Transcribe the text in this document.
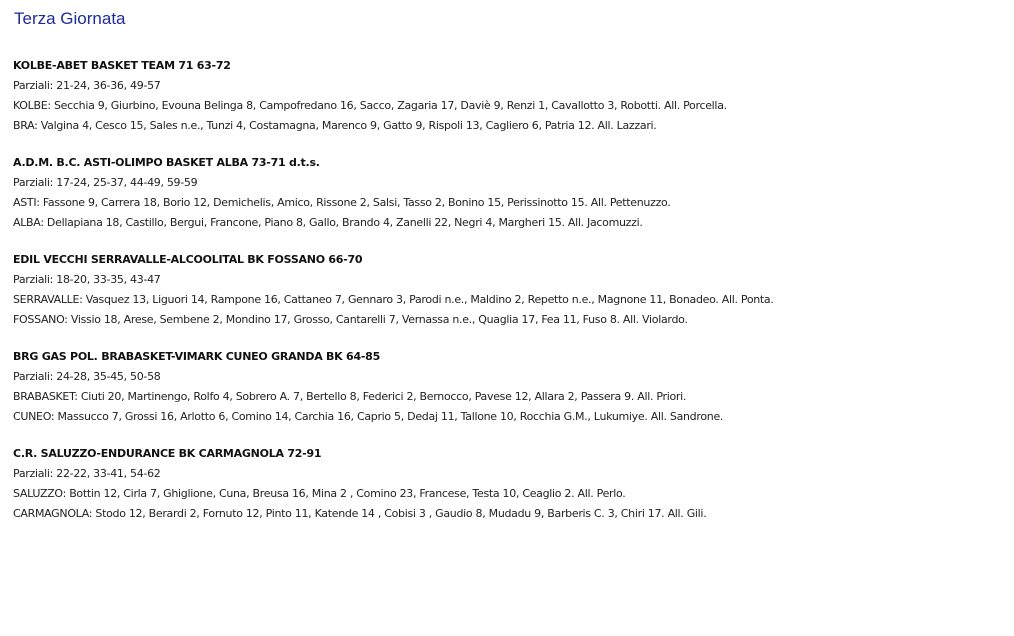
Terza Giornata
KOLBE-ABET BASKET TEAM 71 63-72
Parziali: 21-24, 36-36, 49-57
KOLBE: Secchia 9, Giurbino, Evouna Belinga 8, Campofredano 16, Sacco, Zagaria 17, Daviè 9, Renzi 1, Cavallotto 3, Robotti. All. Porcella.
BRA: Valgina 4, Cesco 15, Sales n.e., Tunzi 4, Costamagna, Marenco 9, Gatto 9, Rispoli 13, Cagliero 6, Patria 12. All. Lazzari.
A.D.M. B.C. ASTI-OLIMPO BASKET ALBA 73-71 d.t.s.
Parziali: 17-24, 25-37, 44-49, 59-59
ASTI: Fassone 9, Carrera 18, Borio 12, Demichelis, Amico, Rissone 2, Salsi, Tasso 2, Bonino 15, Perissinotto 15. All. Pettenuzzo.
ALBA: Dellapiana 18, Castillo, Bergui, Francone, Piano 8, Gallo, Brando 4, Zanelli 22, Negri 4, Margheri 15. All. Jacomuzzi.
EDIL VECCHI SERRAVALLE-ALCOOLITAL BK FOSSANO 66-70
Parziali: 18-20, 33-35, 43-47
SERRAVALLE: Vasquez 13, Liguori 14, Rampone 16, Cattaneo 7, Gennaro 3, Parodi n.e., Maldino 2, Repetto n.e., Magnone 11, Bonadeo. All. Ponta.
FOSSANO: Vissio 18, Arese, Sembene 2, Mondino 17, Grosso, Cantarelli 7, Vernassa n.e., Quaglia 17, Fea 11, Fuso 8. All. Violardo.
BRG GAS POL. BRABASKET-VIMARK CUNEO GRANDA BK 64-85
Parziali: 24-28, 35-45, 50-58
BRABASKET: Ciuti 20, Martinengo, Rolfo 4, Sobrero A. 7, Bertello 8, Federici 2, Bernocco, Pavese 12, Allara 2, Passera 9. All. Priori.
CUNEO: Massucco 7, Grossi 16, Arlotto 6, Comino 14, Carchia 16, Caprio 5, Dedaj 11, Tallone 10, Rocchia G.M., Lukumiye. All. Sandrone.
C.R. SALUZZO-ENDURANCE BK CARMAGNOLA 72-91
Parziali: 22-22, 33-41, 54-62
SALUZZO: Bottin 12, Cirla 7, Ghiglione, Cuna, Breusa 16, Mina 2 , Comino 23, Francese, Testa 10, Ceaglio 2. All. Perlo.
CARMAGNOLA: Stodo 12, Berardi 2, Fornuto 12, Pinto 11, Katende 14 , Cobisi 3 , Gaudio 8, Mudadu 9, Barberis C. 3, Chiri 17. All. Gili.
